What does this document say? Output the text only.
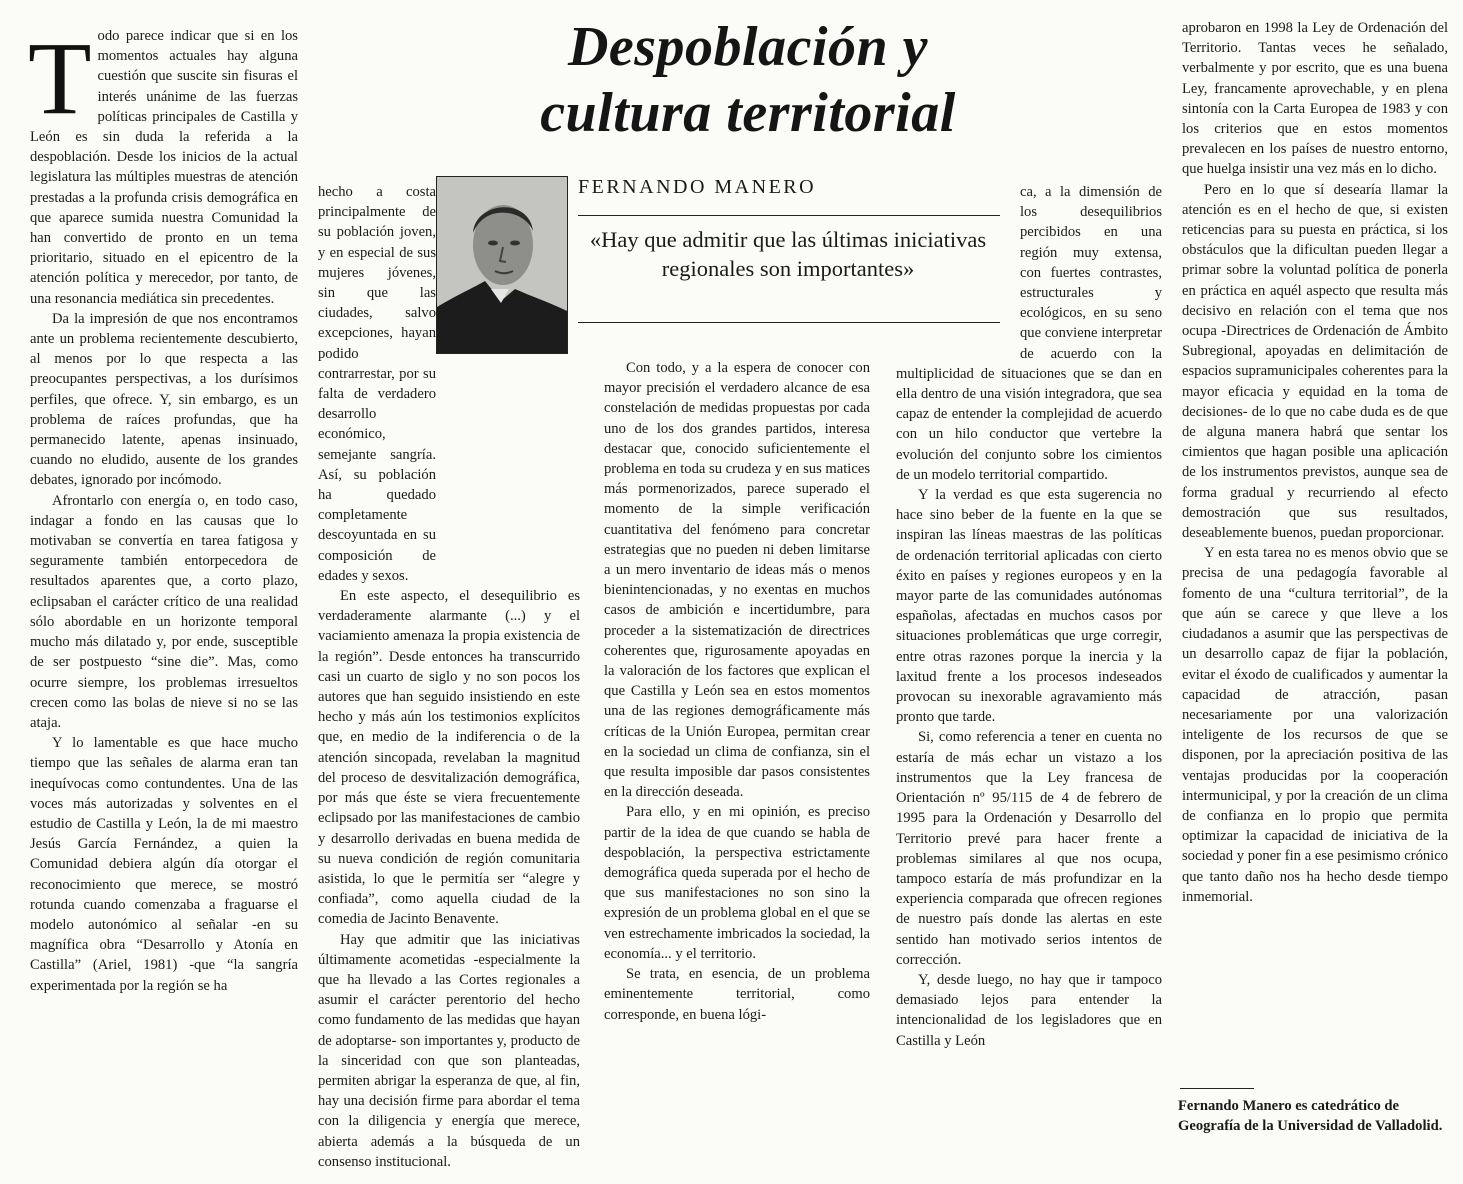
Despoblación y
cultura territorial

FERNANDO MANERO

«Hay que admitir que las últimas iniciativas regionales son importantes»

Todo parece indicar que si en los momentos actuales hay alguna cuestión que suscite sin fisuras el interés unánime de las fuerzas políticas principales de Castilla y León es sin duda la referida a la despoblación. Desde los inicios de la actual legislatura las múltiples muestras de atención prestadas a la profunda crisis demográfica en que aparece sumida nuestra Comunidad la han convertido de pronto en un tema prioritario, situado en el epicentro de la atención política y merecedor, por tanto, de una resonancia mediática sin precedentes.

Da la impresión de que nos encontramos ante un problema recientemente descubierto, al menos por lo que respecta a las preocupantes perspectivas, a los durísimos perfiles, que ofrece. Y, sin embargo, es un problema de raíces profundas, que ha permanecido latente, apenas insinuado, cuando no eludido, ausente de los grandes debates, ignorado por incómodo.

Afrontarlo con energía o, en todo caso, indagar a fondo en las causas que lo motivaban se convertía en tarea fatigosa y seguramente también entorpecedora de resultados aparentes que, a corto plazo, eclipsaban el carácter crítico de una realidad sólo abordable en un horizonte temporal mucho más dilatado y, por ende, susceptible de ser postpuesto “sine die”. Mas, como ocurre siempre, los problemas irresueltos crecen como las bolas de nieve si no se las ataja.

Y lo lamentable es que hace mucho tiempo que las señales de alarma eran tan inequívocas como contundentes. Una de las voces más autorizadas y solventes en el estudio de Castilla y León, la de mi maestro Jesús García Fernández, a quien la Comunidad debiera algún día otorgar el reconocimiento que merece, se mostró rotunda cuando comenzaba a fraguarse el modelo autonómico al señalar -en su magnífica obra “Desarrollo y Atonía en Castilla” (Ariel, 1981) -que “la sangría experimentada por la región se ha

hecho a costa principalmente de su población joven, y en especial de sus mujeres jóvenes, sin que las ciudades, salvo excepciones, hayan podido contrarrestar, por su falta de verdadero desarrollo económico, semejante sangría. Así, su población ha quedado completamente descoyuntada en su composición de edades y sexos.

En este aspecto, el desequilibrio es verdaderamente alarmante (...) y el vaciamiento amenaza la propia existencia de la región”. Desde entonces ha transcurrido casi un cuarto de siglo y no son pocos los autores que han seguido insistiendo en este hecho y más aún los testimonios explícitos que, en medio de la indiferencia o de la atención sincopada, revelaban la magnitud del proceso de desvitalización demográfica, por más que éste se viera frecuentemente eclipsado por las manifestaciones de cambio y desarrollo derivadas en buena medida de su nueva condición de región comunitaria asistida, lo que le permitía ser “alegre y confiada”, como aquella ciudad de la comedia de Jacinto Benavente.

Hay que admitir que las iniciativas últimamente acometidas -especialmente la que ha llevado a las Cortes regionales a asumir el carácter perentorio del hecho como fundamento de las medidas que hayan de adoptarse- son importantes y, producto de la sinceridad con que son planteadas, permiten abrigar la esperanza de que, al fin, hay una decisión firme para abordar el tema con la diligencia y energía que merece, abierta además a la búsqueda de un consenso institucional.

Con todo, y a la espera de conocer con mayor precisión el verdadero alcance de esa constelación de medidas propuestas por cada uno de los dos grandes partidos, interesa destacar que, conocido suficientemente el problema en toda su crudeza y en sus matices más pormenorizados, parece superado el momento de la simple verificación cuantitativa del fenómeno para concretar estrategias que no pueden ni deben limitarse a un mero inventario de ideas más o menos bienintencionadas, y no exentas en muchos casos de ambición e incertidumbre, para proceder a la sistematización de directrices coherentes que, rigurosamente apoyadas en la valoración de los factores que explican el que Castilla y León sea en estos momentos una de las regiones demográficamente más críticas de la Unión Europea, permitan crear en la sociedad un clima de confianza, sin el que resulta imposible dar pasos consistentes en la dirección deseada.

Para ello, y en mi opinión, es preciso partir de la idea de que cuando se habla de despoblación, la perspectiva estrictamente demográfica queda superada por el hecho de que sus manifestaciones no son sino la expresión de un problema global en el que se ven estrechamente imbricados la sociedad, la economía... y el territorio.

Se trata, en esencia, de un problema eminentemente territorial, como corresponde, en buena lógi-

ca, a la dimensión de los desequilibrios percibidos en una región muy extensa, con fuertes contrastes, estructurales y ecológicos, en su seno que conviene interpretar de acuerdo con la multiplicidad de situaciones que se dan en ella dentro de una visión integradora, que sea capaz de entender la complejidad de acuerdo con un hilo conductor que vertebre la evolución del conjunto sobre los cimientos de un modelo territorial compartido.

Y la verdad es que esta sugerencia no hace sino beber de la fuente en la que se inspiran las líneas maestras de las políticas de ordenación territorial aplicadas con cierto éxito en países y regiones europeos y en la mayor parte de las comunidades autónomas españolas, afectadas en muchos casos por situaciones problemáticas que urge corregir, entre otras razones porque la inercia y la laxitud frente a los procesos indeseados provocan su inexorable agravamiento más pronto que tarde.

Si, como referencia a tener en cuenta no estaría de más echar un vistazo a los instrumentos que la Ley francesa de Orientación nº 95/115 de 4 de febrero de 1995 para la Ordenación y Desarrollo del Territorio prevé para hacer frente a problemas similares al que nos ocupa, tampoco estaría de más profundizar en la experiencia comparada que ofrecen regiones de nuestro país donde las alertas en este sentido han motivado serios intentos de corrección.

Y, desde luego, no hay que ir tampoco demasiado lejos para entender la intencionalidad de los legisladores que en Castilla y León

aprobaron en 1998 la Ley de Ordenación del Territorio. Tantas veces he señalado, verbalmente y por escrito, que es una buena Ley, francamente aprovechable, y en plena sintonía con la Carta Europea de 1983 y con los criterios que en estos momentos prevalecen en los países de nuestro entorno, que huelga insistir una vez más en lo dicho.

Pero en lo que sí desearía llamar la atención es en el hecho de que, si existen reticencias para su puesta en práctica, si los obstáculos que la dificultan pueden llegar a primar sobre la voluntad política de ponerla en práctica en aquél aspecto que resulta más decisivo en relación con el tema que nos ocupa -Directrices de Ordenación de Ámbito Subregional, apoyadas en delimitación de espacios supramunicipales coherentes para la mayor eficacia y equidad en la toma de decisiones- de lo que no cabe duda es de que de alguna manera habrá que sentar los cimientos que hagan posible una aplicación de los instrumentos previstos, aunque sea de forma gradual y recurriendo al efecto demostración que sus resultados, deseablemente buenos, puedan proporcionar.

Y en esta tarea no es menos obvio que se precisa de una pedagogía favorable al fomento de una “cultura territorial”, de la que aún se carece y que lleve a los ciudadanos a asumir que las perspectivas de un desarrollo capaz de fijar la población, evitar el éxodo de cualificados y aumentar la capacidad de atracción, pasan necesariamente por una valorización inteligente de los recursos de que se disponen, por la apreciación positiva de las ventajas producidas por la cooperación intermunicipal, y por la creación de un clima de confianza en lo propio que permita optimizar la capacidad de iniciativa de la sociedad y poner fin a ese pesimismo crónico que tanto daño nos ha hecho desde tiempo inmemorial.

Fernando Manero es catedrático de Geografía de la Universidad de Valladolid.
